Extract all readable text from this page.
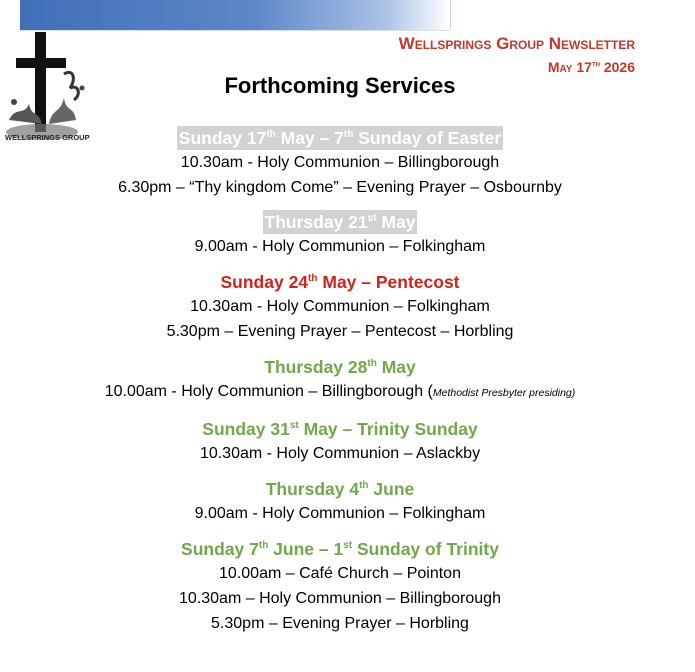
WELLSPRINGS GROUP
Wellsprings Group Newsletter
May 17th 2026
Forthcoming Services
Sunday 17th May – 7th Sunday of Easter
10.30am - Holy Communion – Billingborough
6.30pm – “Thy kingdom Come” – Evening Prayer – Osbournby
Thursday 21st May
9.00am - Holy Communion – Folkingham
Sunday 24th May – Pentecost
10.30am - Holy Communion – Folkingham
5.30pm – Evening Prayer – Pentecost – Horbling
Thursday 28th May
10.00am - Holy Communion – Billingborough (Methodist Presbyter presiding)
Sunday 31st May – Trinity Sunday
10.30am - Holy Communion – Aslackby
Thursday 4th June
9.00am - Holy Communion – Folkingham
Sunday 7th June – 1st Sunday of Trinity
10.00am – Café Church – Pointon
10.30am – Holy Communion – Billingborough
5.30pm – Evening Prayer – Horbling
